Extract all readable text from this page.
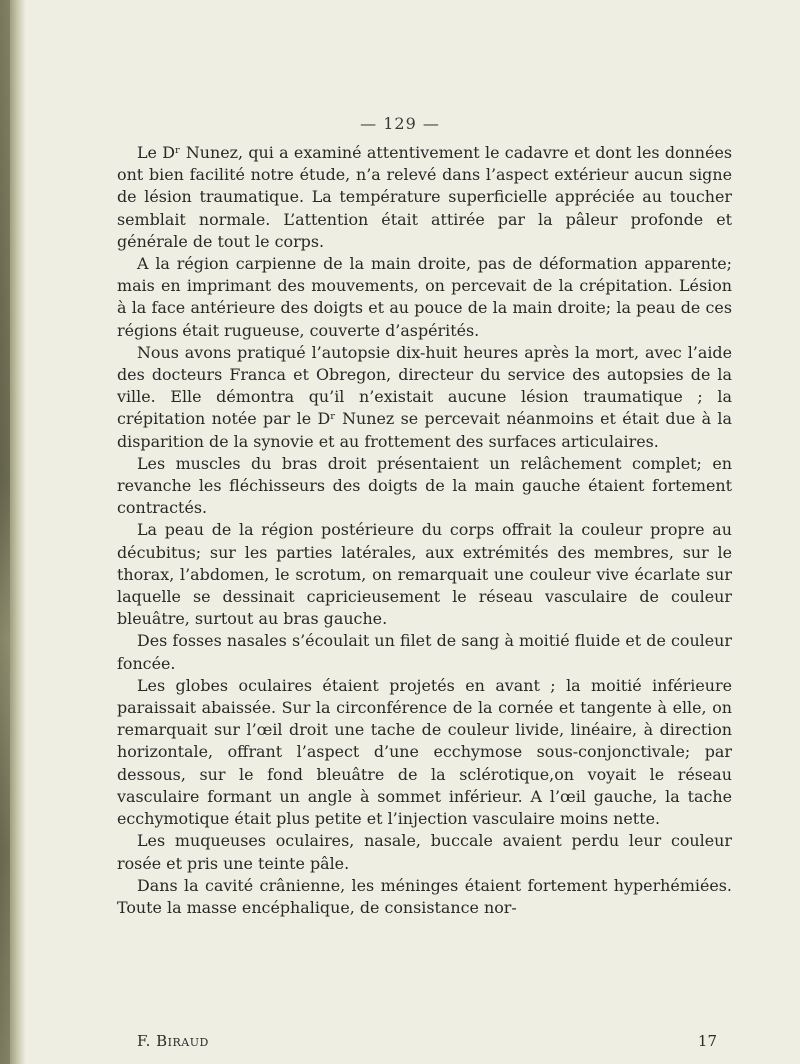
— 129 —

Le Dʳ Nunez, qui a examiné attentivement le cadavre et dont les données ont bien facilité notre étude, n’a relevé dans l’aspect extérieur aucun signe de lésion traumatique. La température superficielle appréciée au toucher semblait normale. L’attention était attirée par la pâleur profonde et générale de tout le corps.

A la région carpienne de la main droite, pas de déformation apparente; mais en imprimant des mouvements, on percevait de la crépitation. Lésion à la face antérieure des doigts et au pouce de la main droite; la peau de ces régions était rugueuse, couverte d’aspérités.

Nous avons pratiqué l’autopsie dix-huit heures après la mort, avec l’aide des docteurs Franca et Obregon, directeur du service des autopsies de la ville. Elle démontra qu’il n’existait aucune lésion traumatique ; la crépitation notée par le Dʳ Nunez se percevait néanmoins et était due à la disparition de la synovie et au frottement des surfaces articulaires.

Les muscles du bras droit présentaient un relâchement complet; en revanche les fléchisseurs des doigts de la main gauche étaient fortement contractés.

La peau de la région postérieure du corps offrait la couleur propre au décubitus; sur les parties latérales, aux extrémités des membres, sur le thorax, l’abdomen, le scrotum, on remarquait une couleur vive écarlate sur laquelle se dessinait capricieusement le réseau vasculaire de couleur bleuâtre, surtout au bras gauche.

Des fosses nasales s’écoulait un filet de sang à moitié fluide et de couleur foncée.

Les globes oculaires étaient projetés en avant ; la moitié inférieure paraissait abaissée. Sur la circonférence de la cornée et tangente à elle, on remarquait sur l’œil droit une tache de couleur livide, linéaire, à direction horizontale, offrant l’aspect d’une ecchymose sous-conjonctivale; par dessous, sur le fond bleuâtre de la sclérotique,on voyait le réseau vasculaire formant un angle à sommet inférieur. A l’œil gauche, la tache ecchymotique était plus petite et l’injection vasculaire moins nette.

Les muqueuses oculaires, nasale, buccale avaient perdu leur couleur rosée et pris une teinte pâle.

Dans la cavité crânienne, les méninges étaient fortement hyperhémiées. Toute la masse encéphalique, de consistance nor-

F. Biraud	17
